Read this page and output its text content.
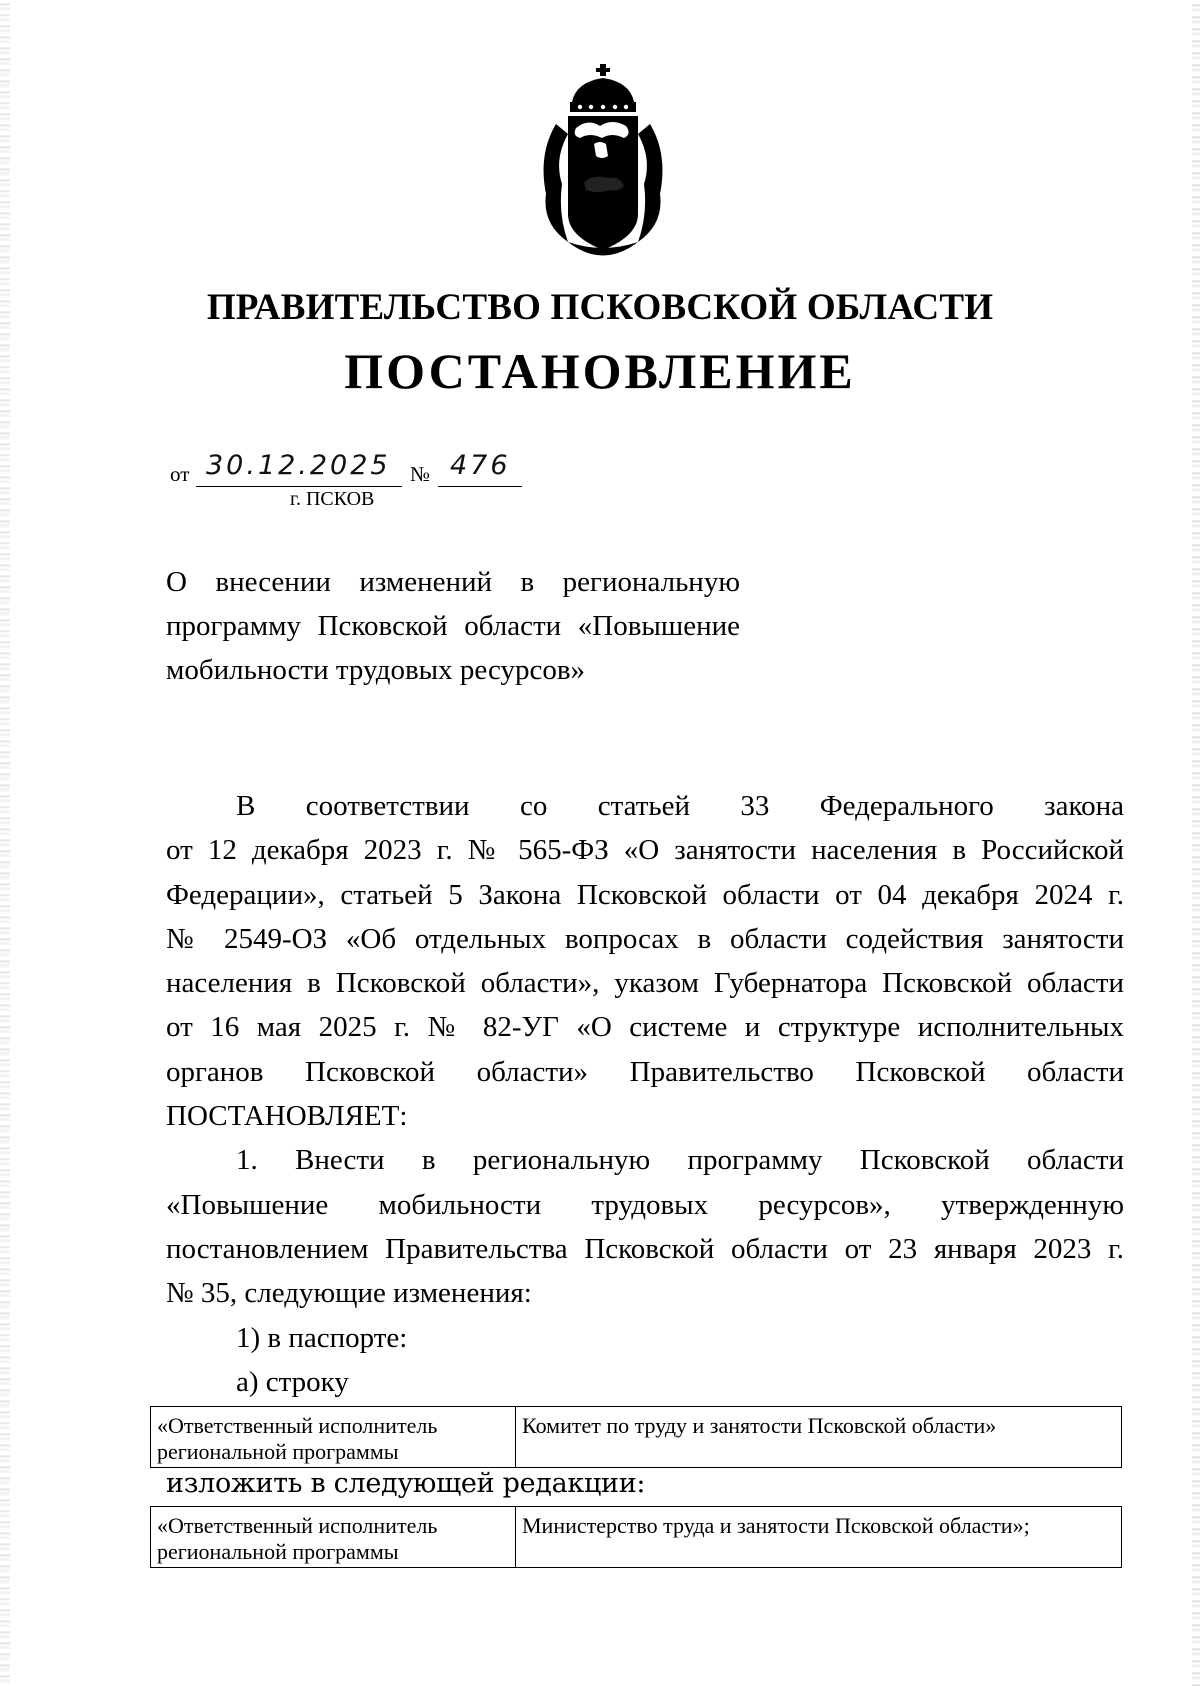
ПРАВИТЕЛЬСТВО ПСКОВСКОЙ ОБЛАСТИ
ПОСТАНОВЛЕНИЕ
от 30.12.2025 № 476
г. ПСКОВ
О внесении изменений в региональную
программу Псковской области «Повышение
мобильности трудовых ресурсов»
В соответствии со статьей 33 Федерального закона
от 12 декабря 2023 г. № 565-ФЗ «О занятости населения в Российской
Федерации», статьей 5 Закона Псковской области от 04 декабря 2024 г.
№ 2549-ОЗ «Об отдельных вопросах в области содействия занятости
населения в Псковской области», указом Губернатора Псковской области
от 16 мая 2025 г. № 82-УГ «О системе и структуре исполнительных
органов Псковской области» Правительство Псковской области
ПОСТАНОВЛЯЕТ:
1. Внести в региональную программу Псковской области
«Повышение мобильности трудовых ресурсов», утвержденную
постановлением Правительства Псковской области от 23 января 2023 г.
№ 35, следующие изменения:
1) в паспорте:
а) строку
«Ответственный исполнитель региональной программы	Комитет по труду и занятости Псковской области»
изложить в следующей редакции:
«Ответственный исполнитель региональной программы	Министерство труда и занятости Псковской области»;
